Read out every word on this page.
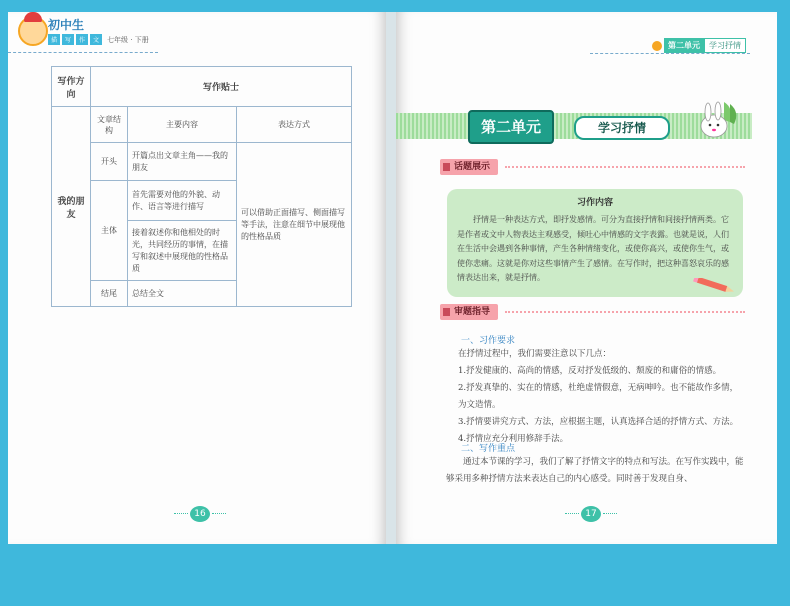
初中生
描	写	作	文	七年级 · 下册
写作方向	写作贴士		
我的朋友	文章结构	主要内容	表达方式
	开头	开篇点出文章主角——我的朋友	可以借助正面描写、侧面描写等手法，注意在细节中展现他的性格品质
	主体	首先需要对他的外貌、动作、语言等进行描写	
		接着叙述你和他相处的时光，共同经历的事情，在描写和叙述中展现他的性格品质	
	结尾	总结全文	
16
第二单元	学习抒情
第二单元	学习抒情
话题展示
习作内容
抒情是一种表达方式，即抒发感情。可分为直接抒情和间接抒情两类。它是作者或文中人物表达主观感受，倾吐心中情感的文字表露。也就是说，人们在生活中会遇到各种事情，产生各种情绪变化，或使你高兴，或使你生气，或使你悲痛。这就是你对这些事情产生了感情。在写作时，把这种喜怒哀乐的感情表达出来，就是抒情。
审题指导
一、习作要求
在抒情过程中，我们需要注意以下几点：
1.抒发健康的、高尚的情感，反对抒发低级的、颓废的和庸俗的情感。
2.抒发真挚的、实在的情感，杜绝虚情假意，无病呻吟。也不能故作多情，为文造情。
3.抒情要讲究方式、方法，应根据主题，认真选择合适的抒情方式、方法。
4.抒情应充分利用修辞手法。
二、写作重点
通过本节课的学习，我们了解了抒情文字的特点和写法。在写作实践中，能够采用多种抒情方法来表达自己的内心感受。同时善于发现自身、
17
